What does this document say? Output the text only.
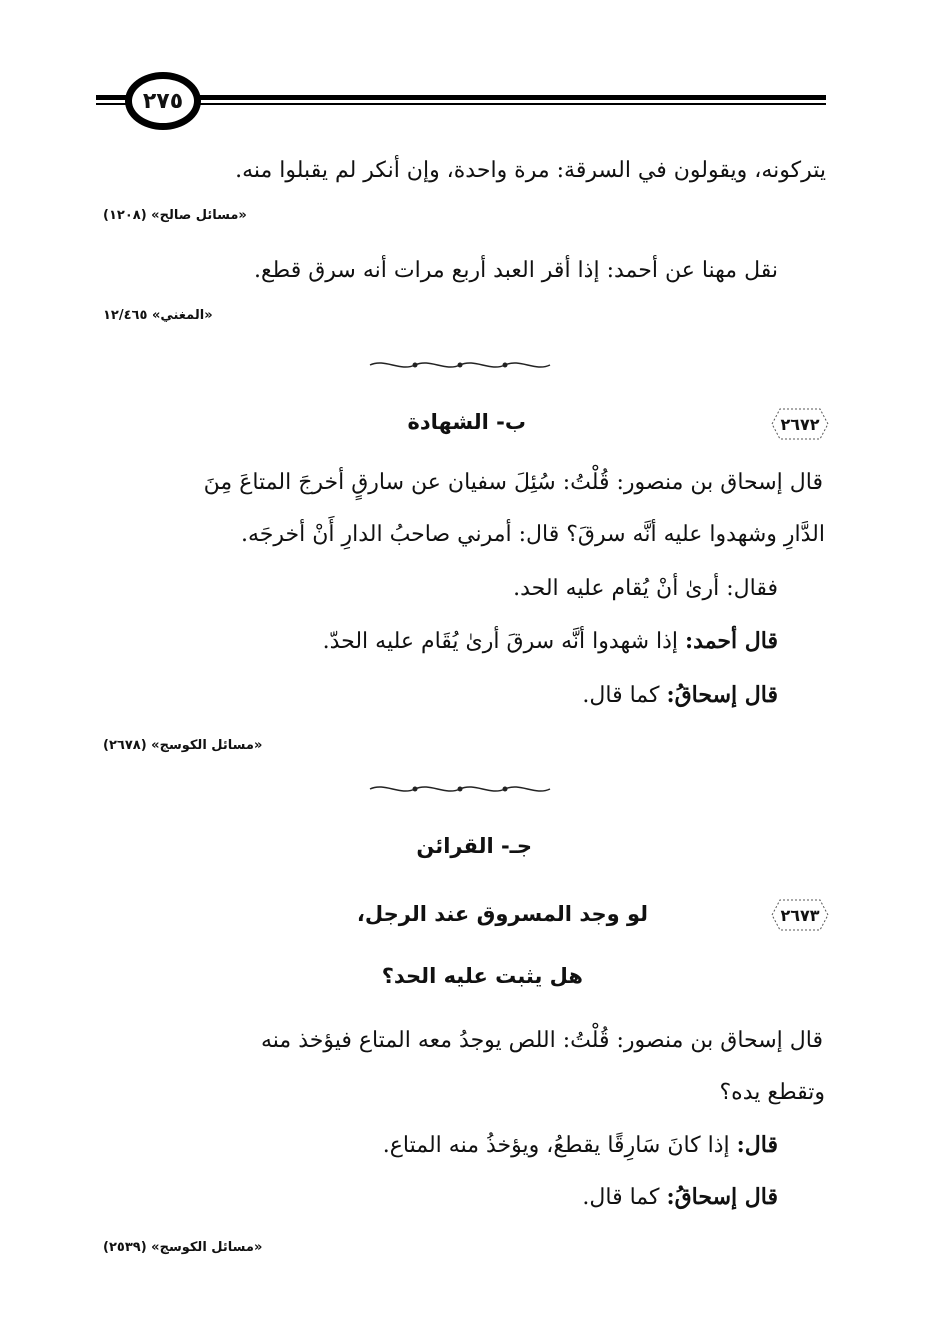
٢٧٥
يتركونه، ويقولون في السرقة: مرة واحدة، وإن أنكر لم يقبلوا منه.
«مسائل صالح» (١٢٠٨)
نقل مهنا عن أحمد: إذا أقر العبد أربع مرات أنه سرق قطع.
«المغني» ١٢/٤٦٥
٢٦٧٢
ب- الشهادة
قال إسحاق بن منصور: قُلْتُ: سُئِلَ سفيان عن سارقٍ أخرجَ المتاعَ مِنَ
الدَّارِ وشهدوا عليه أنَّه سرقَ؟ قال: أمرني صاحبُ الدارِ أَنْ أخرجَه.
فقال: أرىٰ أنْ يُقام عليه الحد.
قال أحمد: إذا شهدوا أنَّه سرقَ أرىٰ يُقَام عليه الحدّ.
قال إسحاقُ: كما قال.
«مسائل الكوسج» (٢٦٧٨)
جـ- القرائن
٢٦٧٣
لو وجد المسروق عند الرجل،
هل يثبت عليه الحد؟
قال إسحاق بن منصور: قُلْتُ: اللص يوجدُ معه المتاع فيؤخذ منه
وتقطع يده؟
قال: إذا كانَ سَارِقًا يقطعُ، ويؤخذُ منه المتاع.
قال إسحاقُ: كما قال.
«مسائل الكوسج» (٢٥٣٩)
